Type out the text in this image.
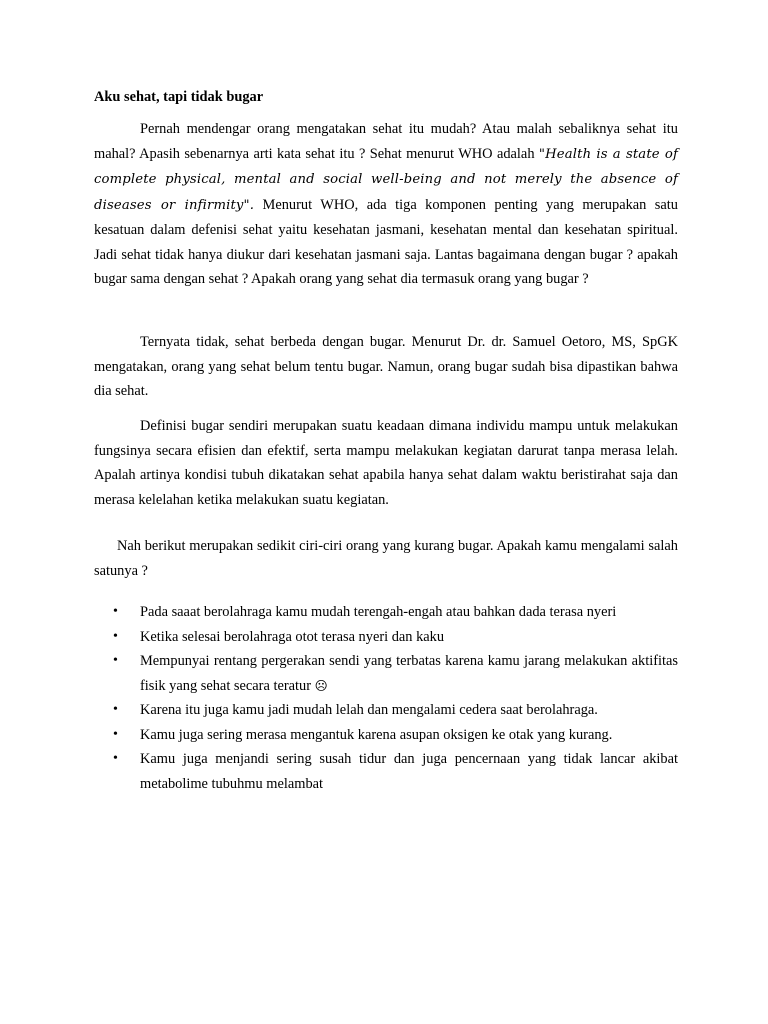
Aku sehat, tapi tidak bugar

Pernah mendengar orang mengatakan sehat itu mudah? Atau malah sebaliknya sehat itu mahal? Apasih sebenarnya arti kata sehat itu ? Sehat menurut WHO adalah "Health is a state of complete physical, mental and social well-being and not merely the absence of diseases or infirmity". Menurut WHO, ada tiga komponen penting yang merupakan satu kesatuan dalam defenisi sehat yaitu kesehatan jasmani, kesehatan mental dan kesehatan spiritual. Jadi sehat tidak hanya diukur dari kesehatan jasmani saja. Lantas bagaimana dengan bugar ? apakah bugar sama dengan sehat ? Apakah orang yang sehat dia termasuk orang yang bugar ?

Ternyata tidak, sehat berbeda dengan bugar. Menurut Dr. dr. Samuel Oetoro, MS, SpGK mengatakan, orang yang sehat belum tentu bugar. Namun, orang bugar sudah bisa dipastikan bahwa dia sehat.

Definisi bugar sendiri merupakan suatu keadaan dimana individu mampu untuk melakukan fungsinya secara efisien dan efektif, serta mampu melakukan kegiatan darurat tanpa merasa lelah. Apalah artinya kondisi tubuh dikatakan sehat apabila hanya sehat dalam waktu beristirahat saja dan merasa kelelahan ketika melakukan suatu kegiatan.

Nah berikut merupakan sedikit ciri-ciri orang yang kurang bugar. Apakah kamu mengalami salah satunya ?

• Pada saaat berolahraga kamu mudah terengah-engah atau bahkan dada terasa nyeri
• Ketika selesai berolahraga otot terasa nyeri dan kaku
• Mempunyai rentang pergerakan sendi yang terbatas karena kamu jarang melakukan aktifitas fisik yang sehat secara teratur ☹
• Karena itu juga kamu jadi mudah lelah dan mengalami cedera saat berolahraga.
• Kamu juga sering merasa mengantuk karena asupan oksigen ke otak yang kurang.
• Kamu juga menjandi sering susah tidur dan juga pencernaan yang tidak lancar akibat metabolime tubuhmu melambat
